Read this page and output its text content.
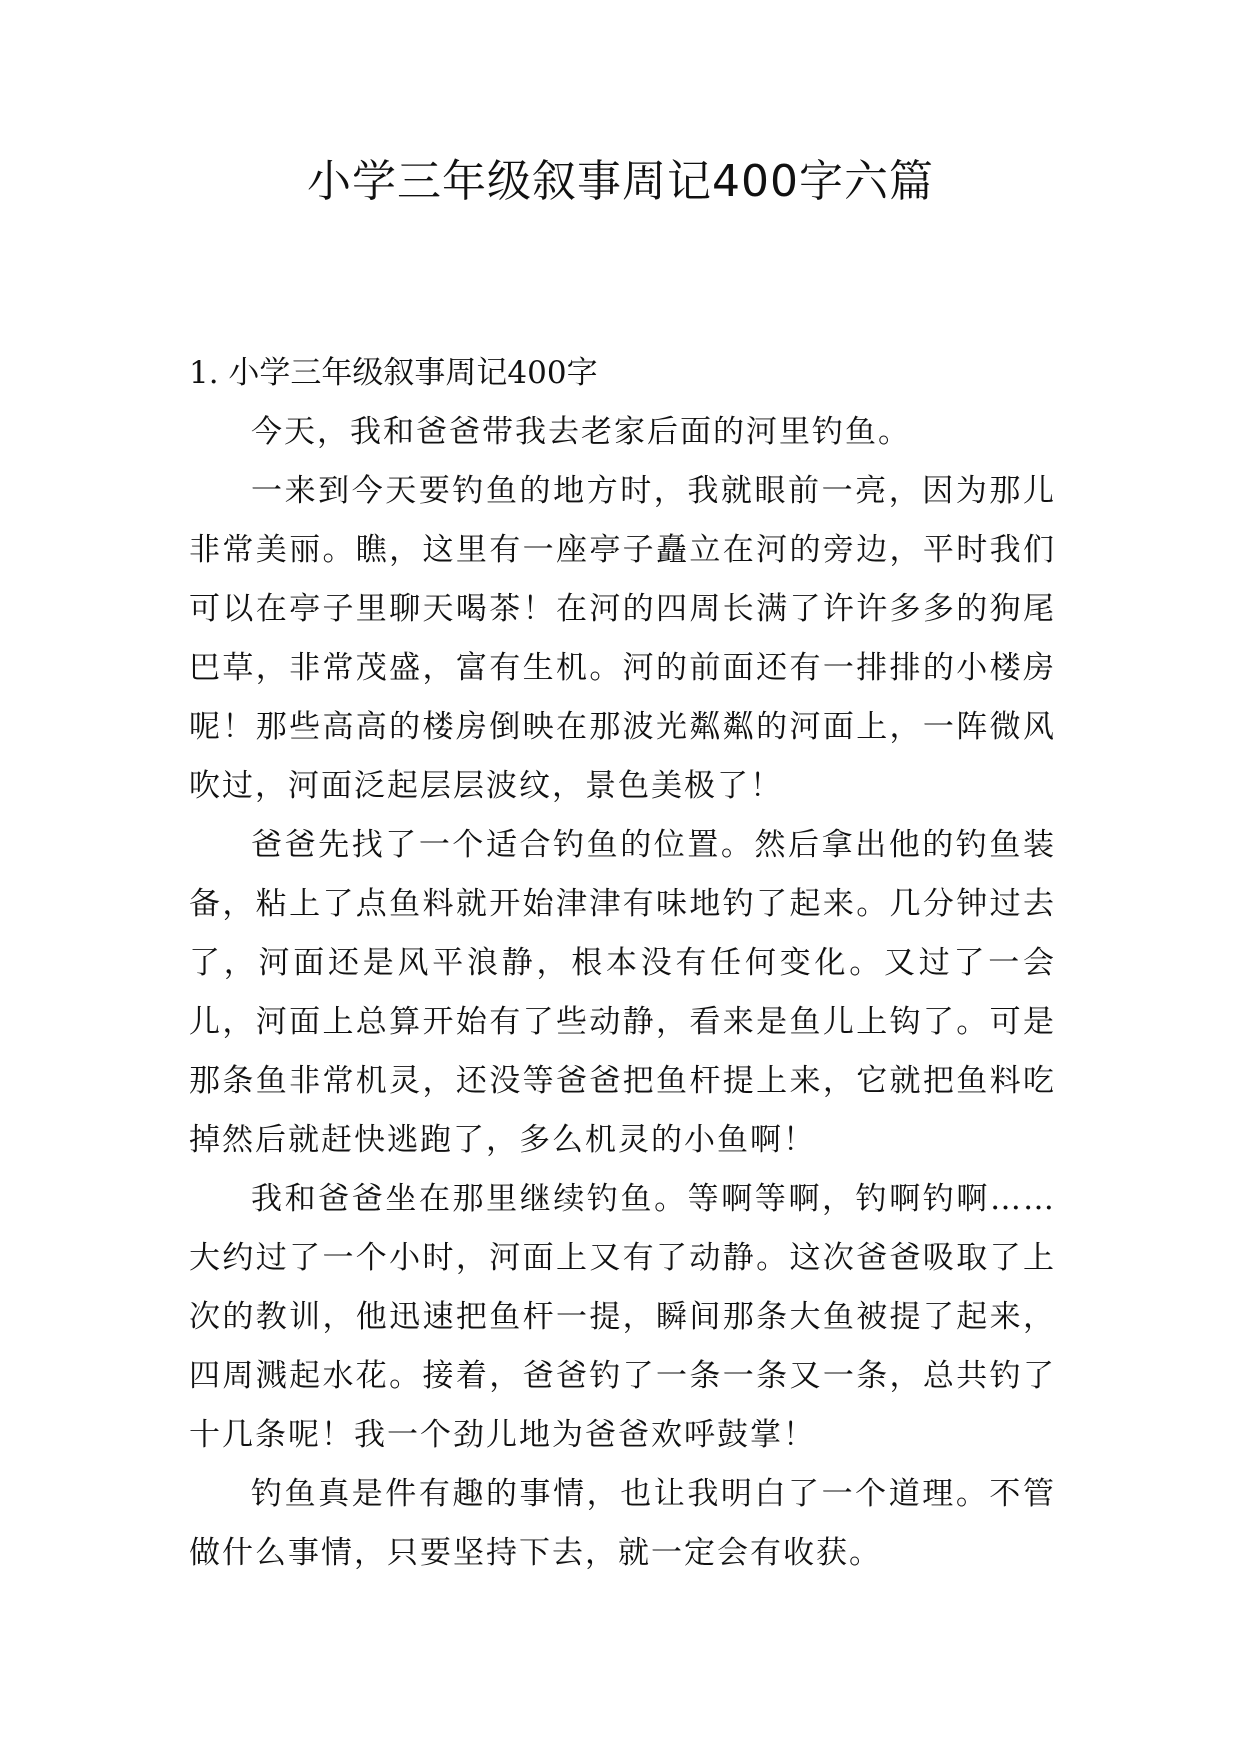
小学三年级叙事周记400字六篇
1. 小学三年级叙事周记400字

今天，我和爸爸带我去老家后面的河里钓鱼。

一来到今天要钓鱼的地方时，我就眼前一亮，因为那儿非常美丽。瞧，这里有一座亭子矗立在河的旁边，平时我们可以在亭子里聊天喝茶！在河的四周长满了许许多多的狗尾巴草，非常茂盛，富有生机。河的前面还有一排排的小楼房呢！那些高高的楼房倒映在那波光粼粼的河面上，一阵微风吹过，河面泛起层层波纹，景色美极了！

爸爸先找了一个适合钓鱼的位置。然后拿出他的钓鱼装备，粘上了点鱼料就开始津津有味地钓了起来。几分钟过去了，河面还是风平浪静，根本没有任何变化。又过了一会儿，河面上总算开始有了些动静，看来是鱼儿上钩了。可是那条鱼非常机灵，还没等爸爸把鱼杆提上来，它就把鱼料吃掉然后就赶快逃跑了，多么机灵的小鱼啊！

我和爸爸坐在那里继续钓鱼。等啊等啊，钓啊钓啊……大约过了一个小时，河面上又有了动静。这次爸爸吸取了上次的教训，他迅速把鱼杆一提，瞬间那条大鱼被提了起来，四周溅起水花。接着，爸爸钓了一条一条又一条，总共钓了十几条呢！我一个劲儿地为爸爸欢呼鼓掌！

钓鱼真是件有趣的事情，也让我明白了一个道理。不管做什么事情，只要坚持下去，就一定会有收获。
